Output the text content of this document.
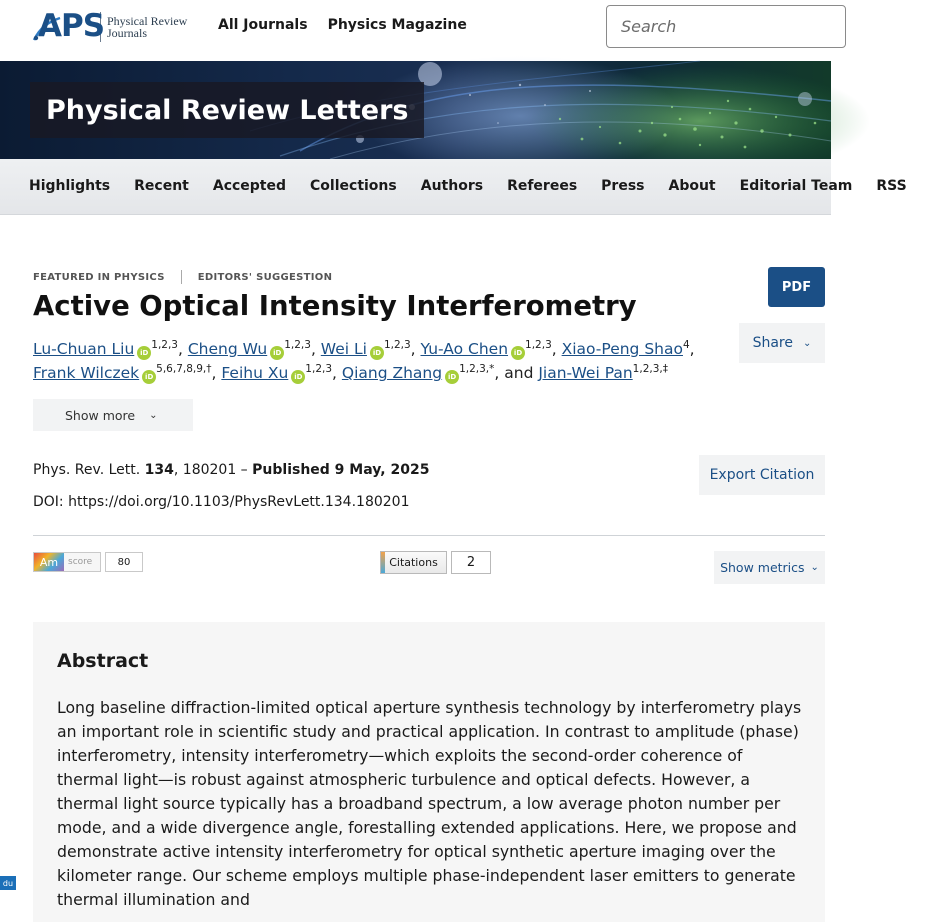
APS Physical Review
Journals	All Journals Physics Magazine
Search
Physical Review Letters
Highlights Recent Accepted Collections Authors Referees Press About Editorial Team RSS
FEATURED IN PHYSICS	EDITORS' SUGGESTION
Active Optical Intensity Interferometry
Lu-Chuan Liu iD$^{1,2,3}$, Cheng Wu iD$^{1,2,3}$, Wei Li iD$^{1,2,3}$, Yu-Ao Chen iD$^{1,2,3}$, Xiao-Peng Shao$^4$, Frank Wilczek iD$^{5,6,7,8,9,\dagger}$, Feihu Xu iD$^{1,2,3}$, Qiang Zhang iD$^{1,2,3,*}$, and Jian-Wei Pan$^{1,2,3,\ddagger}$
Show more ⌄
PDF
Share ⌄
Phys. Rev. Lett. 134, 180201 – Published 9 May, 2025
DOI: https://doi.org/10.1103/PhysRevLett.134.180201
Export Citation
Am	score	80	Citations	2	Show metrics ⌄
Abstract

Long baseline diffraction-limited optical aperture synthesis technology by interferometry plays an important role in scientific study and practical application. In contrast to amplitude (phase) interferometry, intensity interferometry—which exploits the second-order coherence of thermal light—is robust against atmospheric turbulence and optical defects. However, a thermal light source typically has a broadband spectrum, a low average photon number per mode, and a wide divergence angle, forestalling extended applications. Here, we propose and demonstrate active intensity interferometry for optical synthetic aperture imaging over the kilometer range. Our scheme employs multiple phase-independent laser emitters to generate thermal illumination and

du
